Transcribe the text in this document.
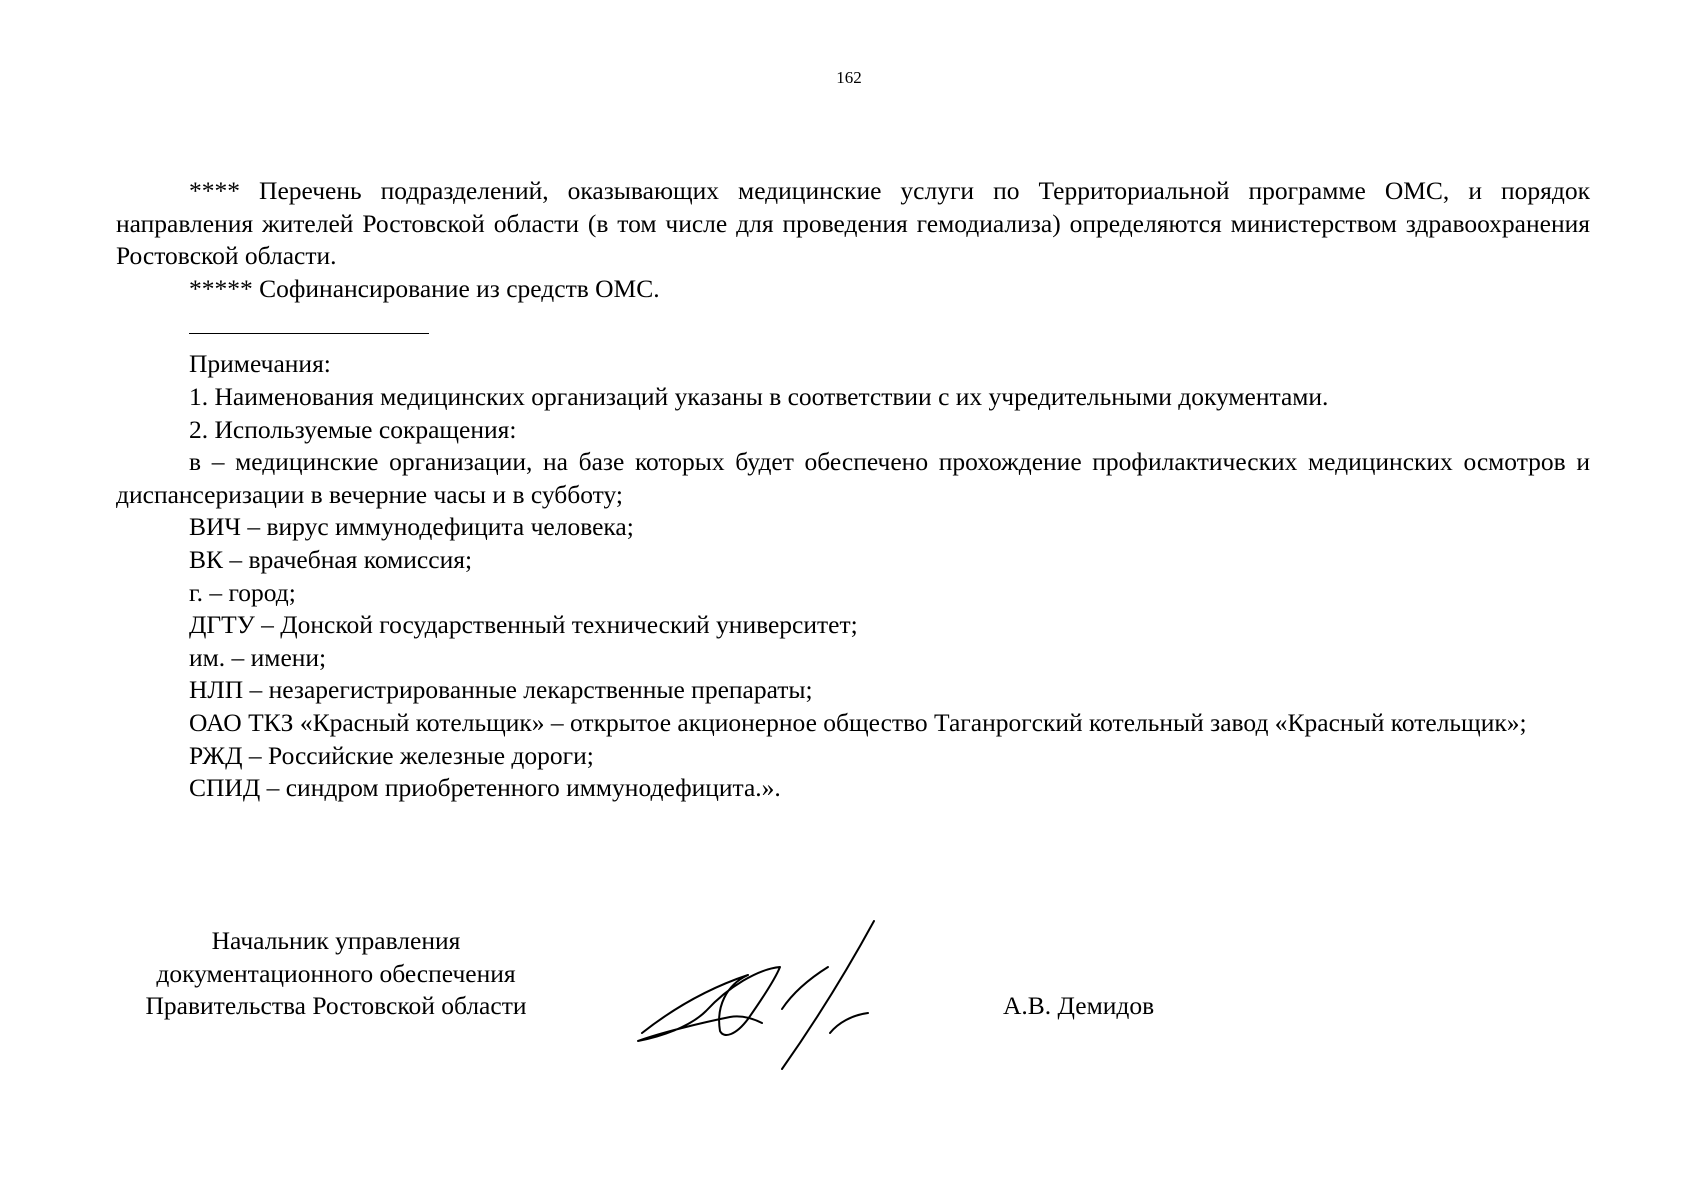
162

**** Перечень подразделений, оказывающих медицинские услуги по Территориальной программе ОМС, и порядок направления жителей Ростовской области (в том числе для проведения гемодиализа) определяются министерством здравоохранения Ростовской области.

***** Софинансирование из средств ОМС.

Примечания:

1. Наименования медицинских организаций указаны в соответствии с их учредительными документами.

2. Используемые сокращения:

в – медицинские организации, на базе которых будет обеспечено прохождение профилактических медицинских осмотров и диспансеризации в вечерние часы и в субботу;

ВИЧ – вирус иммунодефицита человека;

ВК – врачебная комиссия;

г. – город;

ДГТУ – Донской государственный технический университет;

им. – имени;

НЛП – незарегистрированные лекарственные препараты;

ОАО ТКЗ «Красный котельщик» – открытое акционерное общество Таганрогский котельный завод «Красный котельщик»;

РЖД – Российские железные дороги;

СПИД – синдром приобретенного иммунодефицита.».

Начальник управления
документационного обеспечения
Правительства Ростовской области	А.В. Демидов
